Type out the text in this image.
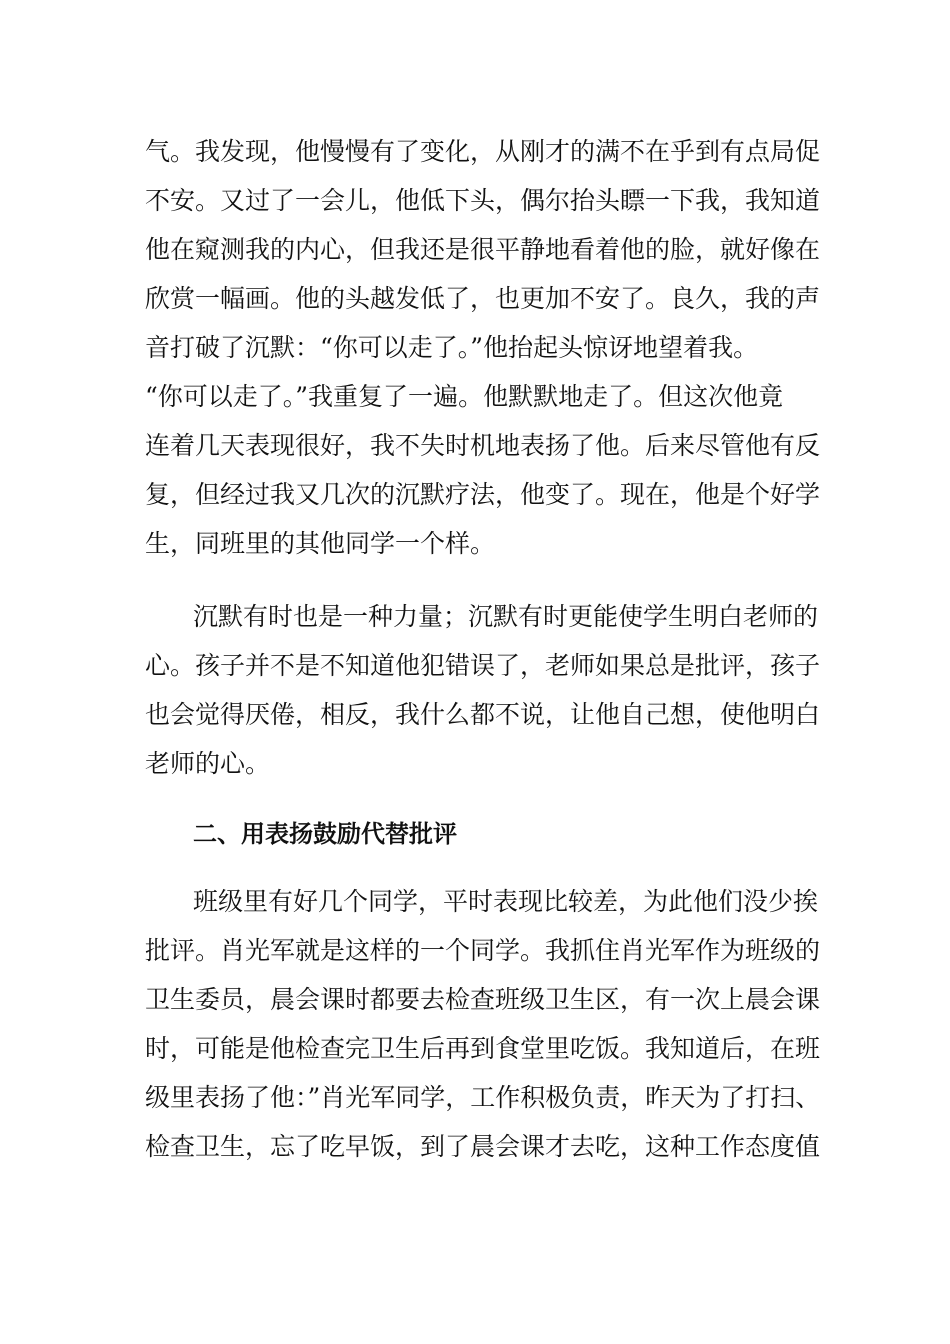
气。我发现，他慢慢有了变化，从刚才的满不在乎到有点局促

不安。又过了一会儿，他低下头，偶尔抬头瞟一下我，我知道

他在窥测我的内心，但我还是很平静地看着他的脸，就好像在

欣赏一幅画。他的头越发低了，也更加不安了。良久，我的声

音打破了沉默：“你可以走了。”他抬起头惊讶地望着我。

“你可以走了。”我重复了一遍。他默默地走了。但这次他竟

连着几天表现很好，我不失时机地表扬了他。后来尽管他有反

复，但经过我又几次的沉默疗法，他变了。现在，他是个好学

生，同班里的其他同学一个样。

沉默有时也是一种力量；沉默有时更能使学生明白老师的

心。孩子并不是不知道他犯错误了，老师如果总是批评，孩子

也会觉得厌倦，相反，我什么都不说，让他自己想，使他明白

老师的心。

二、用表扬鼓励代替批评

班级里有好几个同学，平时表现比较差，为此他们没少挨

批评。肖光军就是这样的一个同学。我抓住肖光军作为班级的

卫生委员，晨会课时都要去检查班级卫生区，有一次上晨会课

时，可能是他检查完卫生后再到食堂里吃饭。我知道后，在班

级里表扬了他：”肖光军同学，工作积极负责，昨天为了打扫、

检查卫生，忘了吃早饭，到了晨会课才去吃，这种工作态度值
